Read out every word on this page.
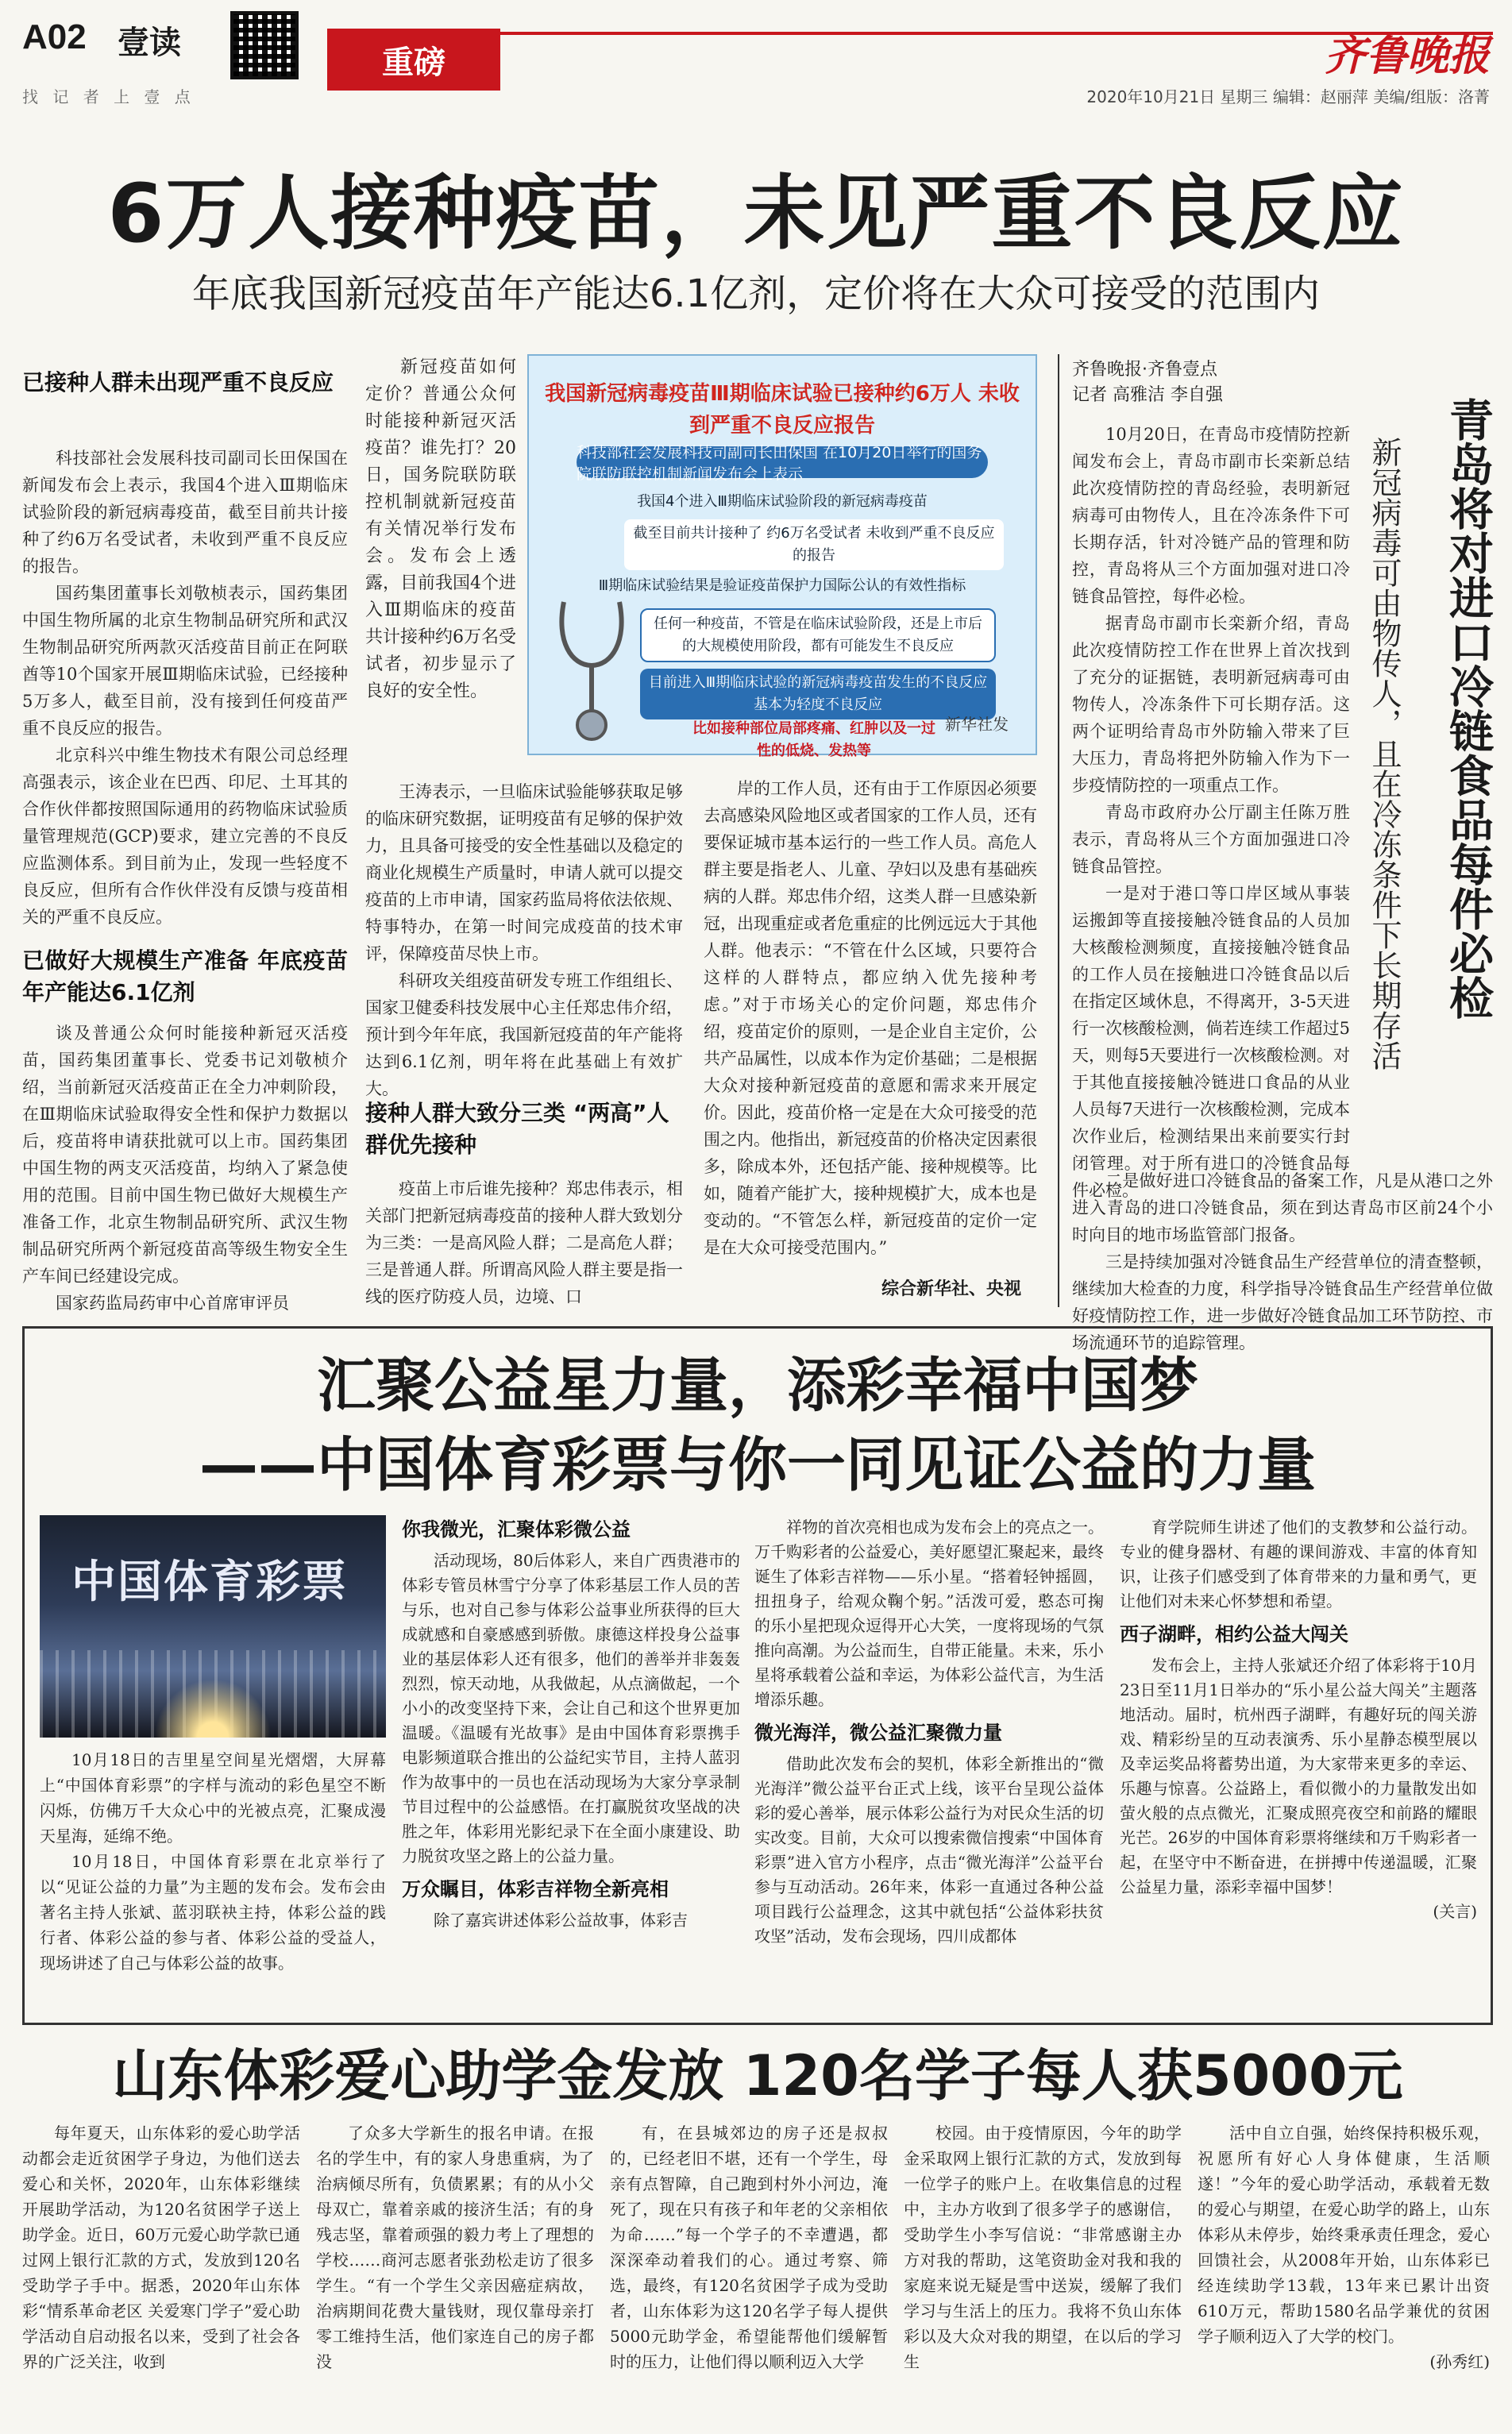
A02 壹读
重磅
找 记 者 上 壹 点	2020年10月21日 星期三 编辑：赵丽萍 美编/组版：洛菁
齐鲁晚报
6万人接种疫苗，未见严重不良反应
年底我国新冠疫苗年产能达6.1亿剂，定价将在大众可接受的范围内
已接种人群未出现严重不良反应

科技部社会发展科技司副司长田保国在新闻发布会上表示，我国4个进入Ⅲ期临床试验阶段的新冠病毒疫苗，截至目前共计接种了约6万名受试者，未收到严重不良反应的报告。

国药集团董事长刘敬桢表示，国药集团中国生物所属的北京生物制品研究所和武汉生物制品研究所两款灭活疫苗目前正在阿联酋等10个国家开展Ⅲ期临床试验，已经接种5万多人，截至目前，没有接到任何疫苗严重不良反应的报告。

北京科兴中维生物技术有限公司总经理高强表示，该企业在巴西、印尼、土耳其的合作伙伴都按照国际通用的药物临床试验质量管理规范(GCP)要求，建立完善的不良反应监测体系。到目前为止，发现一些轻度不良反应，但所有合作伙伴没有反馈与疫苗相关的严重不良反应。

已做好大规模生产准备 年底疫苗年产能达6.1亿剂

谈及普通公众何时能接种新冠灭活疫苗，国药集团董事长、党委书记刘敬桢介绍，当前新冠灭活疫苗正在全力冲刺阶段，在Ⅲ期临床试验取得安全性和保护力数据以后，疫苗将申请获批就可以上市。国药集团中国生物的两支灭活疫苗，均纳入了紧急使用的范围。目前中国生物已做好大规模生产准备工作，北京生物制品研究所、武汉生物制品研究所两个新冠疫苗高等级生物安全生产车间已经建设完成。

国家药监局药审中心首席审评员

新冠疫苗如何定价？普通公众何时能接种新冠灭活疫苗？谁先打？20日，国务院联防联控机制就新冠疫苗有关情况举行发布会。发布会上透露，目前我国4个进入Ⅲ期临床的疫苗共计接种约6万名受试者，初步显示了良好的安全性。

我国新冠病毒疫苗Ⅲ期临床试验已接种约6万人 未收到严重不良反应报告
科技部社会发展科技司副司长田保国 在10月20日举行的国务院联防联控机制新闻发布会上表示
我国4个进入Ⅲ期临床试验阶段的新冠病毒疫苗
截至目前共计接种了 约6万名受试者 未收到严重不良反应的报告
Ⅲ期临床试验结果是验证疫苗保护力国际公认的有效性指标
任何一种疫苗，不管是在临床试验阶段，还是上市后的大规模使用阶段，都有可能发生不良反应
目前进入Ⅲ期临床试验的新冠病毒疫苗发生的不良反应基本为轻度不良反应
比如接种部位局部疼痛、红肿以及一过性的低烧、发热等
新华社发

王涛表示，一旦临床试验能够获取足够的临床研究数据，证明疫苗有足够的保护效力，且具备可接受的安全性基础以及稳定的商业化规模生产质量时，申请人就可以提交疫苗的上市申请，国家药监局将依法依规、特事特办，在第一时间完成疫苗的技术审评，保障疫苗尽快上市。

科研攻关组疫苗研发专班工作组组长、国家卫健委科技发展中心主任郑忠伟介绍，预计到今年年底，我国新冠疫苗的年产能将达到6.1亿剂，明年将在此基础上有效扩大。

接种人群大致分三类 “两高”人群优先接种

疫苗上市后谁先接种？郑忠伟表示，相关部门把新冠病毒疫苗的接种人群大致划分为三类：一是高风险人群；二是高危人群；三是普通人群。所谓高风险人群主要是指一线的医疗防疫人员，边境、口

岸的工作人员，还有由于工作原因必须要去高感染风险地区或者国家的工作人员，还有要保证城市基本运行的一些工作人员。高危人群主要是指老人、儿童、孕妇以及患有基础疾病的人群。郑忠伟介绍，这类人群一旦感染新冠，出现重症或者危重症的比例远远大于其他人群。他表示：“不管在什么区域，只要符合这样的人群特点，都应纳入优先接种考虑。”对于市场关心的定价问题，郑忠伟介绍，疫苗定价的原则，一是企业自主定价，公共产品属性，以成本作为定价基础；二是根据大众对接种新冠疫苗的意愿和需求来开展定价。因此，疫苗价格一定是在大众可接受的范围之内。他指出，新冠疫苗的价格决定因素很多，除成本外，还包括产能、接种规模等。比如，随着产能扩大，接种规模扩大，成本也是变动的。“不管怎么样，新冠疫苗的定价一定是在大众可接受范围内。”

综合新华社、央视
齐鲁晚报·齐鲁壹点
记者 高雅洁 李自强
青岛将对进口冷链食品每件必检
新冠病毒可由物传人，且在冷冻条件下长期存活

10月20日，在青岛市疫情防控新闻发布会上，青岛市副市长栾新总结此次疫情防控的青岛经验，表明新冠病毒可由物传人，且在冷冻条件下可长期存活，针对冷链产品的管理和防控，青岛将从三个方面加强对进口冷链食品管控，每件必检。

据青岛市副市长栾新介绍，青岛此次疫情防控工作在世界上首次找到了充分的证据链，表明新冠病毒可由物传人，冷冻条件下可长期存活。这两个证明给青岛市外防输入带来了巨大压力，青岛将把外防输入作为下一步疫情防控的一项重点工作。

青岛市政府办公厅副主任陈万胜表示，青岛将从三个方面加强进口冷链食品管控。

一是对于港口等口岸区域从事装运搬卸等直接接触冷链食品的人员加大核酸检测频度，直接接触冷链食品的工作人员在接触进口冷链食品以后在指定区域休息，不得离开，3-5天进行一次核酸检测，倘若连续工作超过5天，则每5天要进行一次核酸检测。对于其他直接接触冷链进口食品的从业人员每7天进行一次核酸检测，完成本次作业后，检测结果出来前要实行封闭管理。对于所有进口的冷链食品每件必检。

二是做好进口冷链食品的备案工作，凡是从港口之外进入青岛的进口冷链食品，须在到达青岛市区前24个小时向目的地市场监管部门报备。

三是持续加强对冷链食品生产经营单位的清查整顿，继续加大检查的力度，科学指导冷链食品生产经营单位做好疫情防控工作，进一步做好冷链食品加工环节防控、市场流通环节的追踪管理。

汇聚公益星力量，添彩幸福中国梦
——中国体育彩票与你一同见证公益的力量
中国体育彩票

10月18日的吉里星空间星光熠熠，大屏幕上“中国体育彩票”的字样与流动的彩色星空不断闪烁，仿佛万千大众心中的光被点亮，汇聚成漫天星海，延绵不绝。

10月18日，中国体育彩票在北京举行了以“见证公益的力量”为主题的发布会。发布会由著名主持人张斌、蓝羽联袂主持，体彩公益的践行者、体彩公益的参与者、体彩公益的受益人，现场讲述了自己与体彩公益的故事。

你我微光，汇聚体彩微公益

活动现场，80后体彩人，来自广西贵港市的体彩专管员林雪宁分享了体彩基层工作人员的苦与乐，也对自己参与体彩公益事业所获得的巨大成就感和自豪感感到骄傲。康德这样投身公益事业的基层体彩人还有很多，他们的善举并非轰轰烈烈，惊天动地，从我做起，从点滴做起，一个小小的改变坚持下来，会让自己和这个世界更加温暖。《温暖有光故事》是由中国体育彩票携手电影频道联合推出的公益纪实节目，主持人蓝羽作为故事中的一员也在活动现场为大家分享录制节目过程中的公益感悟。在打赢脱贫攻坚战的决胜之年，体彩用光影纪录下在全面小康建设、助力脱贫攻坚之路上的公益力量。

万众瞩目，体彩吉祥物全新亮相

除了嘉宾讲述体彩公益故事，体彩吉

祥物的首次亮相也成为发布会上的亮点之一。万千购彩者的公益爱心，美好愿望汇聚起来，最终诞生了体彩吉祥物——乐小星。“搭着轻钟摇圆，扭扭身子，给观众鞠个躬。”活泼可爱，憨态可掬的乐小星把现众逗得开心大笑，一度将现场的气氛推向高潮。为公益而生，自带正能量。未来，乐小星将承载着公益和幸运，为体彩公益代言，为生活增添乐趣。

微光海洋，微公益汇聚微力量

借助此次发布会的契机，体彩全新推出的“微光海洋”微公益平台正式上线，该平台呈现公益体彩的爱心善举，展示体彩公益行为对民众生活的切实改变。目前，大众可以搜索微信搜索“中国体育彩票”进入官方小程序，点击“微光海洋”公益平台参与互动活动。26年来，体彩一直通过各种公益项目践行公益理念，这其中就包括“公益体彩扶贫攻坚”活动，发布会现场，四川成都体

育学院师生讲述了他们的支教梦和公益行动。专业的健身器材、有趣的课间游戏、丰富的体育知识，让孩子们感受到了体育带来的力量和勇气，更让他们对未来心怀梦想和希望。

西子湖畔，相约公益大闯关

发布会上，主持人张斌还介绍了体彩将于10月23日至11月1日举办的“乐小星公益大闯关”主题落地活动。届时，杭州西子湖畔，有趣好玩的闯关游戏、精彩纷呈的互动表演秀、乐小星静态模型展以及幸运奖品将蓄势出道，为大家带来更多的幸运、乐趣与惊喜。公益路上，看似微小的力量散发出如萤火般的点点微光，汇聚成照亮夜空和前路的耀眼光芒。26岁的中国体育彩票将继续和万千购彩者一起，在坚守中不断奋进，在拼搏中传递温暖，汇聚公益星力量，添彩幸福中国梦！

(关言)
山东体彩爱心助学金发放 120名学子每人获5000元

每年夏天，山东体彩的爱心助学活动都会走近贫困学子身边，为他们送去爱心和关怀，2020年，山东体彩继续开展助学活动，为120名贫困学子送上助学金。近日，60万元爱心助学款已通过网上银行汇款的方式，发放到120名受助学子手中。据悉，2020年山东体彩“情系革命老区 关爱寒门学子”爱心助学活动自启动报名以来，受到了社会各界的广泛关注，收到

了众多大学新生的报名申请。在报名的学生中，有的家人身患重病，为了治病倾尽所有，负债累累；有的从小父母双亡，靠着亲戚的接济生活；有的身残志坚，靠着顽强的毅力考上了理想的学校……商河志愿者张劲松走访了很多学生。“有一个学生父亲因癌症病故，治病期间花费大量钱财，现仅靠母亲打零工维持生活，他们家连自己的房子都没

有，在县城郊边的房子还是叔叔的，已经老旧不堪，还有一个学生，母亲有点智障，自己跑到村外小河边，淹死了，现在只有孩子和年老的父亲相依为命……”每一个学子的不幸遭遇，都深深牵动着我们的心。通过考察、筛选，最终，有120名贫困学子成为受助者，山东体彩为这120名学子每人提供5000元助学金，希望能帮他们缓解暂时的压力，让他们得以顺利迈入大学

校园。由于疫情原因，今年的助学金采取网上银行汇款的方式，发放到每一位学子的账户上。在收集信息的过程中，主办方收到了很多学子的感谢信，受助学生小李写信说：“非常感谢主办方对我的帮助，这笔资助金对我和我的家庭来说无疑是雪中送炭，缓解了我们学习与生活上的压力。我将不负山东体彩以及大众对我的期望，在以后的学习生

活中自立自强，始终保持积极乐观，祝愿所有好心人身体健康，生活顺遂！”今年的爱心助学活动，承载着无数的爱心与期望，在爱心助学的路上，山东体彩从未停步，始终秉承责任理念，爱心回馈社会，从2008年开始，山东体彩已经连续助学13载，13年来已累计出资610万元，帮助1580名品学兼优的贫困学子顺利迈入了大学的校门。

(孙秀红)
